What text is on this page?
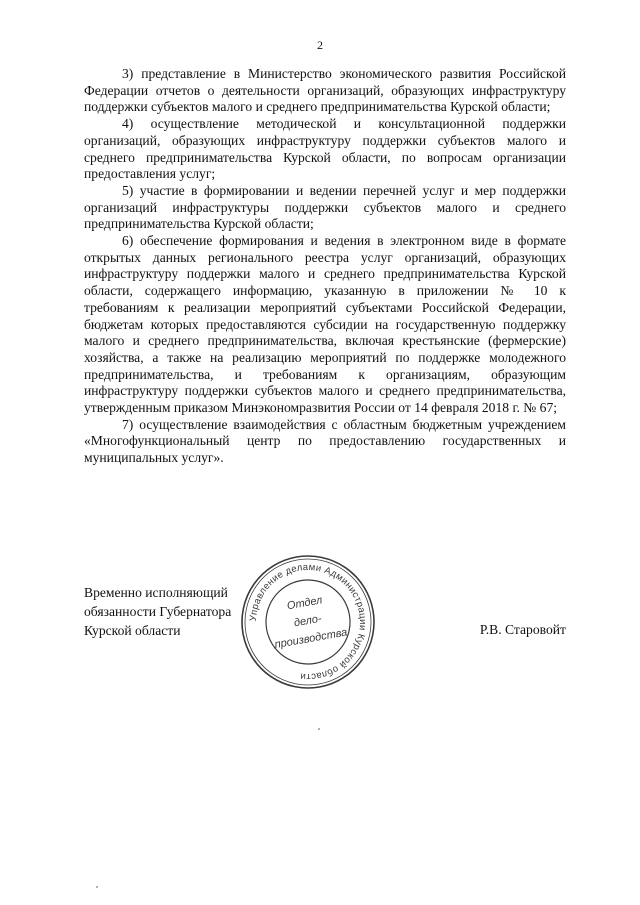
2

3) представление в Министерство экономического развития Российской Федерации отчетов о деятельности организаций, образующих инфраструктуру поддержки субъектов малого и среднего предпринимательства Курской области;

4) осуществление методической и консультационной поддержки организаций, образующих инфраструктуру поддержки субъектов малого и среднего предпринимательства Курской области, по вопросам организации предоставления услуг;

5) участие в формировании и ведении перечней услуг и мер поддержки организаций инфраструктуры поддержки субъектов малого и среднего предпринимательства Курской области;

6) обеспечение формирования и ведения в электронном виде в формате открытых данных регионального реестра услуг организаций, образующих инфраструктуру поддержки малого и среднего предпринимательства Курской области, содержащего информацию, указанную в приложении № 10 к требованиям к реализации мероприятий субъектами Российской Федерации, бюджетам которых предоставляются субсидии на государственную поддержку малого и среднего предпринимательства, включая крестьянские (фермерские) хозяйства, а также на реализацию мероприятий по поддержке молодежного предпринимательства, и требованиям к организациям, образующим инфраструктуру поддержки субъектов малого и среднего предпринимательства, утвержденным приказом Минэкономразвития России от 14 февраля 2018 г. № 67;

7) осуществление взаимодействия с областным бюджетным учреждением «Многофункциональный центр по предоставлению государственных и муниципальных услуг».

Временно исполняющий
обязанности Губернатора
Курской области	Р.В. Старовойт
Управление делами Администрации Курской области
Отдел
дело-
производства
